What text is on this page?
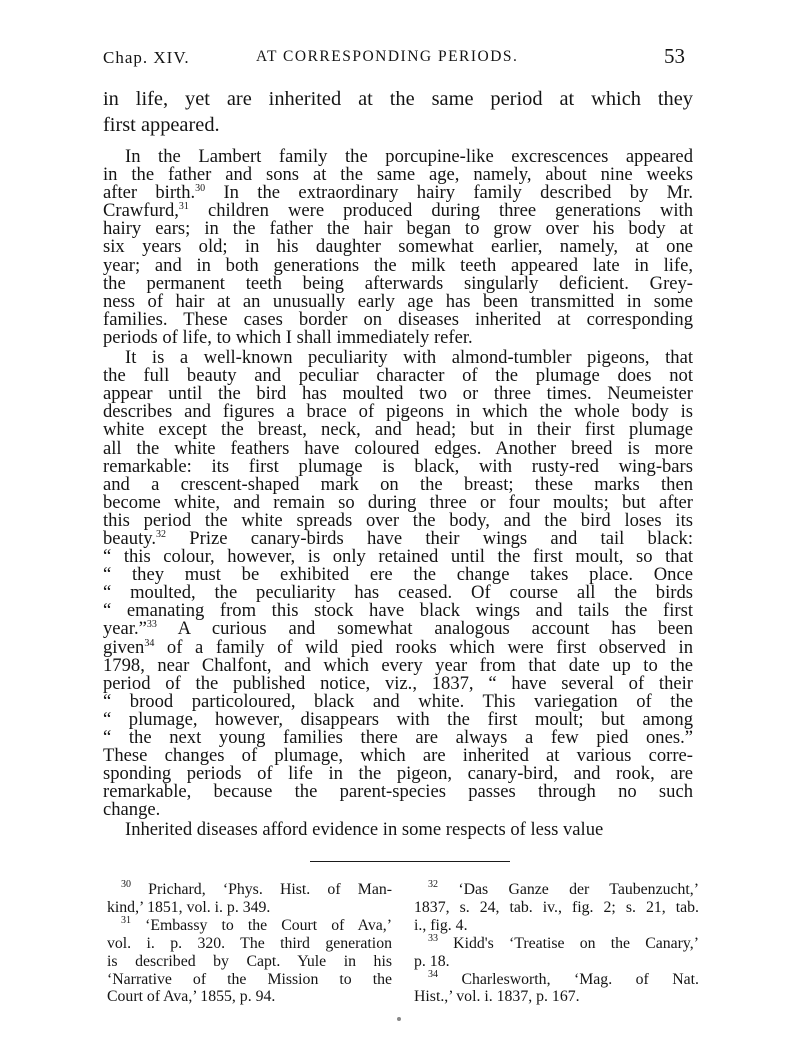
Chap. XIV.	AT CORRESPONDING PERIODS.	53
in life, yet are inherited at the same period at which they
first appeared.
In the Lambert family the porcupine-like excrescences appeared
in the father and sons at the same age, namely, about nine weeks
after birth.$^{30}$ In the extraordinary hairy family described by Mr.
Crawfurd,$^{31}$ children were produced during three generations with
hairy ears; in the father the hair began to grow over his body at
six years old; in his daughter somewhat earlier, namely, at one
year; and in both generations the milk teeth appeared late in life,
the permanent teeth being afterwards singularly deficient. Grey-
ness of hair at an unusually early age has been transmitted in some
families. These cases border on diseases inherited at corresponding
periods of life, to which I shall immediately refer.
It is a well-known peculiarity with almond-tumbler pigeons, that
the full beauty and peculiar character of the plumage does not
appear until the bird has moulted two or three times. Neumeister
describes and figures a brace of pigeons in which the whole body is
white except the breast, neck, and head; but in their first plumage
all the white feathers have coloured edges. Another breed is more
remarkable: its first plumage is black, with rusty-red wing-bars
and a crescent-shaped mark on the breast; these marks then
become white, and remain so during three or four moults; but after
this period the white spreads over the body, and the bird loses its
beauty.$^{32}$ Prize canary-birds have their wings and tail black:
“ this colour, however, is only retained until the first moult, so that
“ they must be exhibited ere the change takes place. Once
“ moulted, the peculiarity has ceased. Of course all the birds
“ emanating from this stock have black wings and tails the first
year.”$^{33}$ A curious and somewhat analogous account has been
given$^{34}$ of a family of wild pied rooks which were first observed in
1798, near Chalfont, and which every year from that date up to the
period of the published notice, viz., 1837, “ have several of their
“ brood particoloured, black and white. This variegation of the
“ plumage, however, disappears with the first moult; but among
“ the next young families there are always a few pied ones.”
These changes of plumage, which are inherited at various corre-
sponding periods of life in the pigeon, canary-bird, and rook, are
remarkable, because the parent-species passes through no such
change.
Inherited diseases afford evidence in some respects of less value
$^{30}$ Prichard, ‘Phys. Hist. of Man-
kind,’ 1851, vol. i. p. 349.
$^{31}$ ‘Embassy to the Court of Ava,’
vol. i. p. 320. The third generation
is described by Capt. Yule in his
‘Narrative of the Mission to the
Court of Ava,’ 1855, p. 94.
$^{32}$ ‘Das Ganze der Taubenzucht,’
1837, s. 24, tab. iv., fig. 2; s. 21, tab.
i., fig. 4.
$^{33}$ Kidd's ‘Treatise on the Canary,’
p. 18.
$^{34}$ Charlesworth, ‘Mag. of Nat.
Hist.,’ vol. i. 1837, p. 167.
